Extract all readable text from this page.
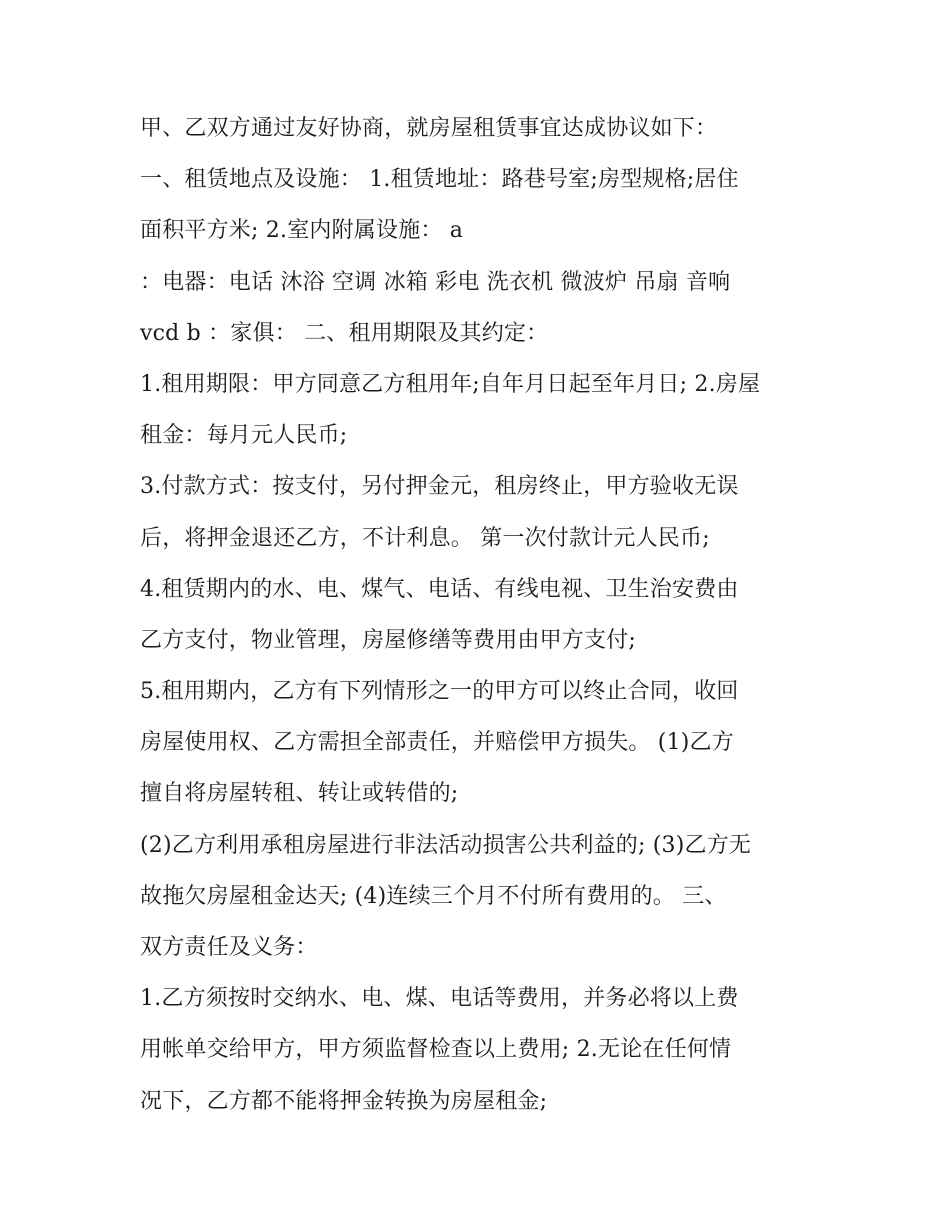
甲、乙双方通过友好协商，就房屋租赁事宜达成协议如下：
一、租赁地点及设施： 1.租赁地址：路巷号室;房型规格;居住
面积平方米; 2.室内附属设施： a
：电器：电话 沐浴 空调 冰箱 彩电 洗衣机 微波炉 吊扇 音响
vcd b ：家俱： 二、租用期限及其约定：
1.租用期限：甲方同意乙方租用年;自年月日起至年月日; 2.房屋
租金：每月元人民币;
3.付款方式：按支付，另付押金元，租房终止，甲方验收无误
后，将押金退还乙方，不计利息。 第一次付款计元人民币;
4.租赁期内的水、电、煤气、电话、有线电视、卫生治安费由
乙方支付，物业管理，房屋修缮等费用由甲方支付;
5.租用期内，乙方有下列情形之一的甲方可以终止合同，收回
房屋使用权、乙方需担全部责任，并赔偿甲方损失。 (1)乙方
擅自将房屋转租、转让或转借的;
(2)乙方利用承租房屋进行非法活动损害公共利益的; (3)乙方无
故拖欠房屋租金达天; (4)连续三个月不付所有费用的。 三、
双方责任及义务：
1.乙方须按时交纳水、电、煤、电话等费用，并务必将以上费
用帐单交给甲方，甲方须监督检查以上费用; 2.无论在任何情
况下，乙方都不能将押金转换为房屋租金;
